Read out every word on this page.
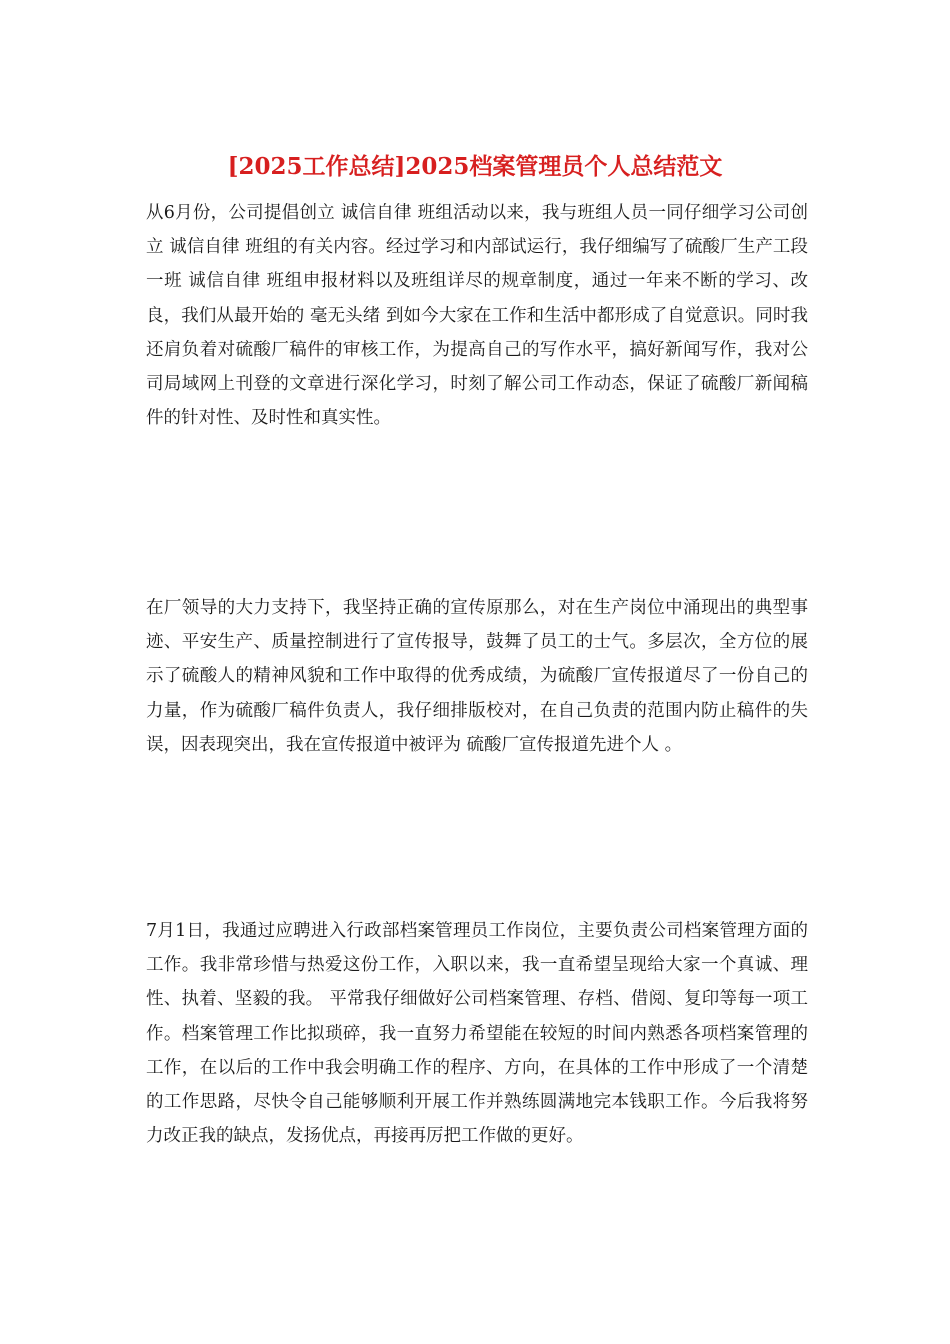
[2025工作总结]2025档案管理员个人总结范文

从6月份，公司提倡创立 诚信自律 班组活动以来，我与班组人员一同仔细学习公司创立 诚信自律 班组的有关内容。经过学习和内部试运行，我仔细编写了硫酸厂生产工段一班 诚信自律 班组申报材料以及班组详尽的规章制度，通过一年来不断的学习、改良，我们从最开始的 毫无头绪 到如今大家在工作和生活中都形成了自觉意识。同时我还肩负着对硫酸厂稿件的审核工作，为提高自己的写作水平，搞好新闻写作，我对公司局域网上刊登的文章进行深化学习，时刻了解公司工作动态，保证了硫酸厂新闻稿件的针对性、及时性和真实性。

在厂领导的大力支持下，我坚持正确的宣传原那么，对在生产岗位中涌现出的典型事迹、平安生产、质量控制进行了宣传报导，鼓舞了员工的士气。多层次，全方位的展示了硫酸人的精神风貌和工作中取得的优秀成绩，为硫酸厂宣传报道尽了一份自己的力量，作为硫酸厂稿件负责人，我仔细排版校对，在自己负责的范围内防止稿件的失误，因表现突出，我在宣传报道中被评为 硫酸厂宣传报道先进个人 。

7月1日，我通过应聘进入行政部档案管理员工作岗位，主要负责公司档案管理方面的工作。我非常珍惜与热爱这份工作，入职以来，我一直希望呈现给大家一个真诚、理性、执着、坚毅的我。 平常我仔细做好公司档案管理、存档、借阅、复印等每一项工作。档案管理工作比拟琐碎，我一直努力希望能在较短的时间内熟悉各项档案管理的工作，在以后的工作中我会明确工作的程序、方向，在具体的工作中形成了一个清楚的工作思路，尽快令自己能够顺利开展工作并熟练圆满地完本钱职工作。今后我将努力改正我的缺点，发扬优点，再接再厉把工作做的更好。
